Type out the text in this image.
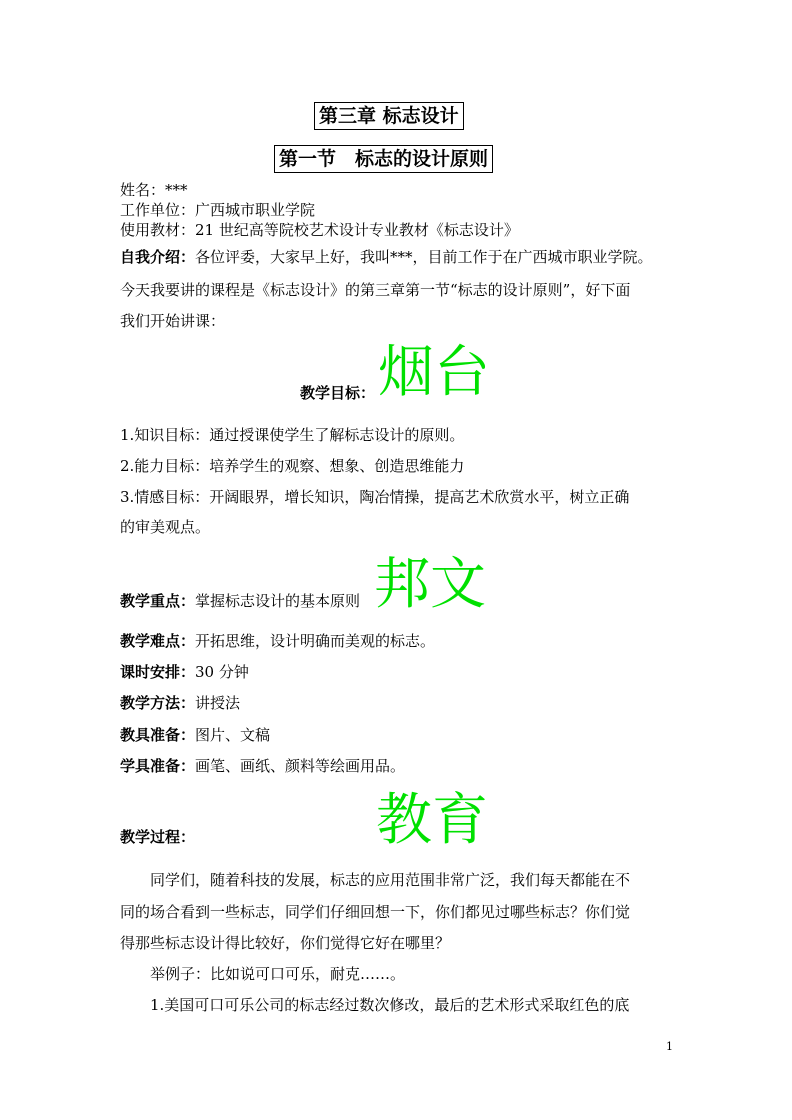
第三章 标志设计
第一节　标志的设计原则
姓名：***
工作单位：广西城市职业学院
使用教材：21 世纪高等院校艺术设计专业教材《标志设计》
自我介绍：各位评委，大家早上好，我叫***，目前工作于在广西城市职业学院。
今天我要讲的课程是《标志设计》的第三章第一节“标志的设计原则”，好下面
我们开始讲课：
教学目标： 烟台
1.知识目标：通过授课使学生了解标志设计的原则。
2.能力目标：培养学生的观察、想象、创造思维能力
3.情感目标：开阔眼界，增长知识，陶冶情操，提高艺术欣赏水平，树立正确
的审美观点。
邦文
教学重点：掌握标志设计的基本原则
教学难点：开拓思维，设计明确而美观的标志。
课时安排：30 分钟
教学方法：讲授法
教具准备：图片、文稿
学具准备：画笔、画纸、颜料等绘画用品。
教育
教学过程：
同学们，随着科技的发展，标志的应用范围非常广泛，我们每天都能在不
同的场合看到一些标志，同学们仔细回想一下，你们都见过哪些标志？你们觉
得那些标志设计得比较好，你们觉得它好在哪里？
举例子：比如说可口可乐，耐克……。
1.美国可口可乐公司的标志经过数次修改，最后的艺术形式采取红色的底
1
